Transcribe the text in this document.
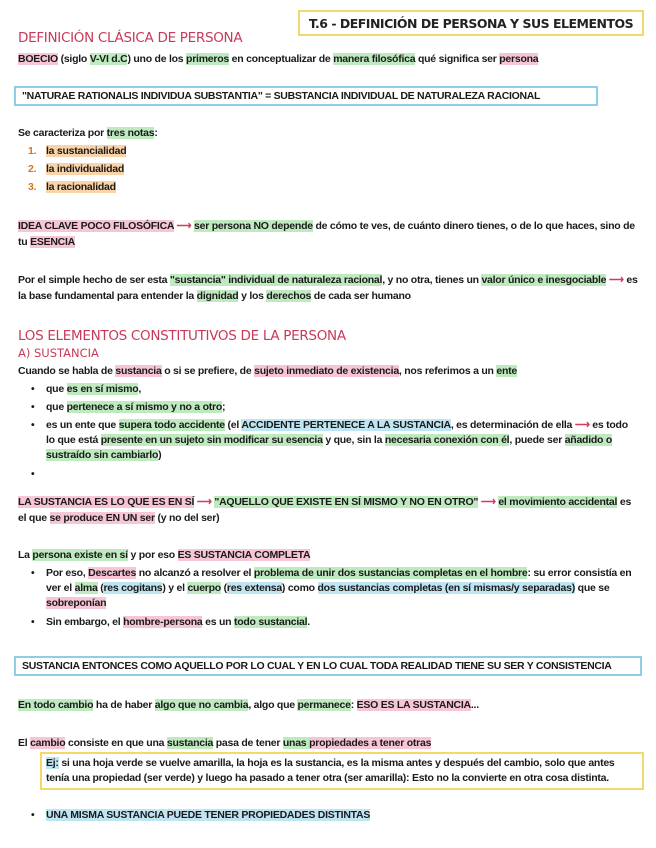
T.6 - DEFINICIÓN DE PERSONA Y SUS ELEMENTOS
DEFINICIÓN CLÁSICA DE PERSONA
BOECIO (siglo V-VI d.C) uno de los primeros en conceptualizar de manera filosófica qué significa ser persona
"NATURAE RATIONALIS INDIVIDUA SUBSTANTIA" = SUBSTANCIA INDIVIDUAL DE NATURALEZA RACIONAL
Se caracteriza por tres notas:
1. la sustancialidad
2. la individualidad
3. la racionalidad
IDEA CLAVE POCO FILOSÓFICA ⟶ ser persona NO depende de cómo te ves, de cuánto dinero tienes, o de lo que haces, sino de tu ESENCIA
Por el simple hecho de ser esta "sustancia" individual de naturaleza racional, y no otra, tienes un valor único e inesgociable ⟶ es la base fundamental para entender la dignidad y los derechos de cada ser humano
LOS ELEMENTOS CONSTITUTIVOS DE LA PERSONA
A) SUSTANCIA
Cuando se habla de sustancia o si se prefiere, de sujeto inmediato de existencia, nos referimos a un ente
• que es en sí mismo,
• que pertenece a sí mismo y no a otro;
• es un ente que supera todo accidente (el ACCIDENTE PERTENECE A LA SUSTANCIA, es determinación de ella ⟶ es todo lo que está presente en un sujeto sin modificar su esencia y que, sin la necesaria conexión con él, puede ser añadido o sustraído sin cambiarlo)
•
LA SUSTANCIA ES LO QUE ES EN SÍ ⟶ "AQUELLO QUE EXISTE EN SÍ MISMO Y NO EN OTRO" ⟶ el movimiento accidental es el que se produce EN UN ser (y no del ser)
La persona existe en sí y por eso ES SUSTANCIA COMPLETA
• Por eso, Descartes no alcanzó a resolver el problema de unir dos sustancias completas en el hombre: su error consistía en ver el alma (res cogitans) y el cuerpo (res extensa) como dos sustancias completas (en sí mismas/y separadas) que se sobreponían
• Sin embargo, el hombre-persona es un todo sustancial.
SUSTANCIA ENTONCES COMO AQUELLO POR LO CUAL Y EN LO CUAL TODA REALIDAD TIENE SU SER Y CONSISTENCIA
En todo cambio ha de haber algo que no cambia, algo que permanece: ESO ES LA SUSTANCIA...
El cambio consiste en que una sustancia pasa de tener unas propiedades a tener otras
Ej: si una hoja verde se vuelve amarilla, la hoja es la sustancia, es la misma antes y después del cambio, solo que antes tenía una propiedad (ser verde) y luego ha pasado a tener otra (ser amarilla): Esto no la convierte en otra cosa distinta.
• UNA MISMA SUSTANCIA PUEDE TENER PROPIEDADES DISTINTAS
